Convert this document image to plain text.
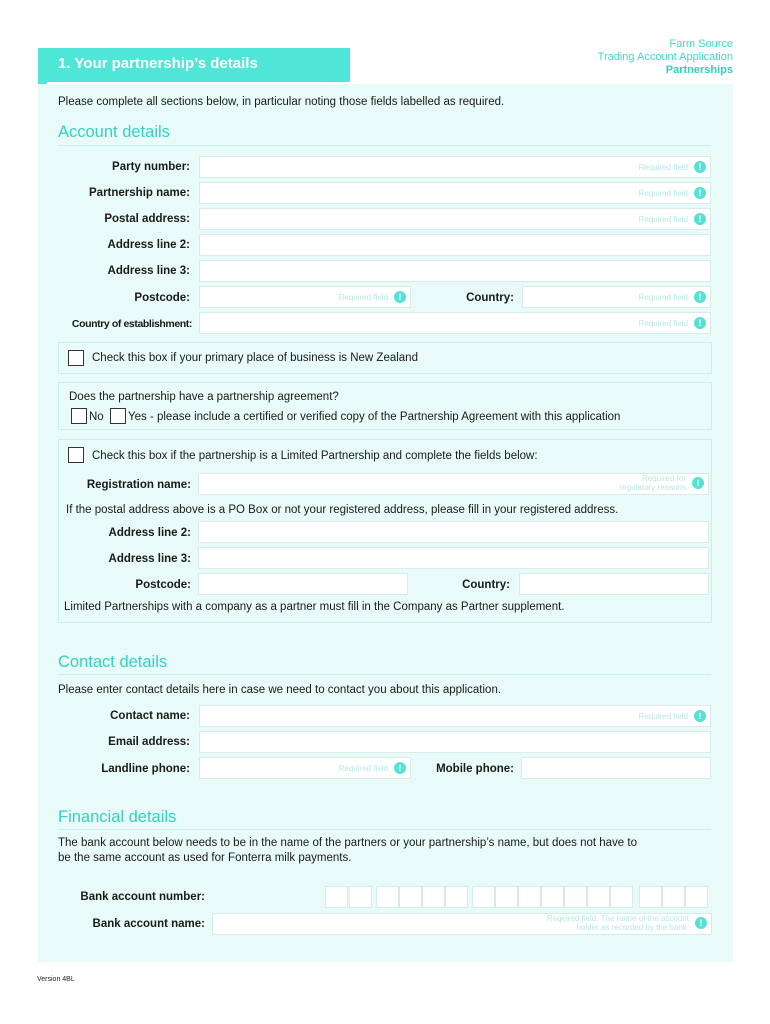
1. Your partnership’s details
Farm Source
Trading Account Application
Partnerships
Please complete all sections below, in particular noting those fields labelled as required.
Account details
Party number:	Required field	!
Partnership name:	Required field	!
Postal address:	Required field	!
Address line 2:
Address line 3:
Postcode:	Required field	!	Country:	Required field	!
Country of establishment:	Required field	!
Check this box if your primary place of business is New Zealand
Does the partnership have a partnership agreement?
No Yes - please include a certified or verified copy of the Partnership Agreement with this application
Check this box if the partnership is a Limited Partnership and complete the fields below:
Registration name:
Required for
regulatory reasons	!
If the postal address above is a PO Box or not your registered address, please fill in your registered address.
Address line 2:
Address line 3:
Postcode:	Country:
Limited Partnerships with a company as a partner must fill in the Company as Partner supplement.
Contact details
Please enter contact details here in case we need to contact you about this application.
Contact name:	Required field	!
Email address:
Landline phone:	Required field	!	Mobile phone:
Financial details
The bank account below needs to be in the name of the partners or your partnership’s name, but does not have to
be the same account as used for Fonterra milk payments.
Bank account number:
Bank account name:	Required field. The name of the account
holder as recorded by the bank.	!
Version 4BL
